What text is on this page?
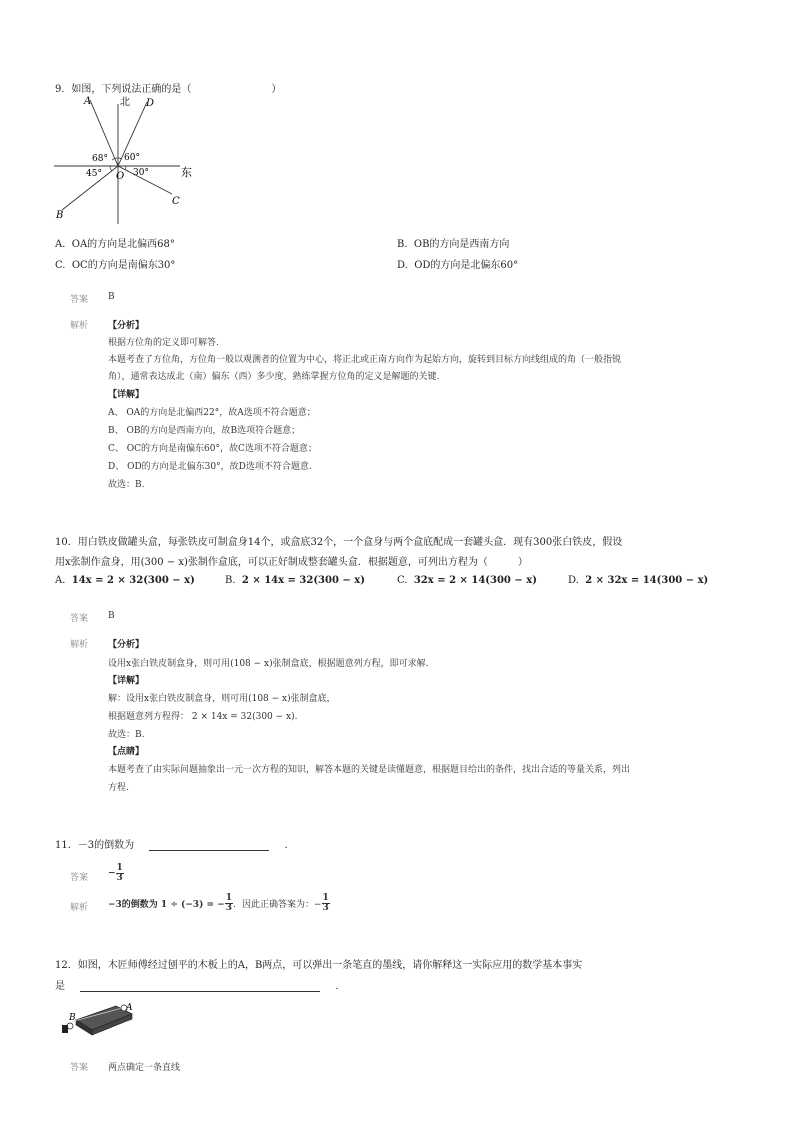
9．如图，下列说法正确的是（　　　　　　　　）
A	北 D
68° 60°
45° O 30°	东
B
C
A. OA的方向是北偏西68°	B. OB的方向是西南方向
C. OC的方向是南偏东30°	D. OD的方向是北偏东60°
答案 B
解析 【分析】
根据方位角的定义即可解答.
本题考查了方位角，方位角一般以观测者的位置为中心，将正北或正南方向作为起始方向，旋转到目标方向线组成的角（一般指锐
角），通常表达成北（南）偏东（西）多少度，熟练掌握方位角的定义是解题的关键.
【详解】
A、 OA的方向是北偏西22°，故A选项不符合题意；
B、 OB的方向是西南方向，故B选项符合题意；
C、 OC的方向是南偏东60°，故C选项不符合题意；
D、 OD的方向是北偏东30°，故D选项不符合题意.
故选：B.
10．用白铁皮做罐头盒，每张铁皮可制盒身14个，或盒底32个，一个盒身与两个盒底配成一套罐头盒．现有300张白铁皮，假设
用x张制作盒身，用(300 − x)张制作盒底，可以正好制成整套罐头盒．根据题意，可列出方程为（　　　）
A. 14x = 2 × 32(300 − x)	B. 2 × 14x = 32(300 − x)	C. 32x = 2 × 14(300 − x)	D. 2 × 32x = 14(300 − x)
答案 B
解析 【分析】
设用x张白铁皮制盒身，则可用(108 − x)张制盒底，根据题意列方程，即可求解.
【详解】
解：设用x张白铁皮制盒身，则可用(108 − x)张制盒底，
根据题意列方程得： 2 × 14x = 32(300 − x).
故选：B.
【点睛】
本题考查了由实际问题抽象出一元一次方程的知识，解答本题的关键是读懂题意，根据题目给出的条件，找出合适的等量关系，列出
方程.
11．－3的倒数为	．
答案 − $\frac{1}{3}$
解析 −3的倒数为 1 ÷ (−3) = − $\frac{1}{3}$ ．因此正确答案为：− $\frac{1}{3}$
12．如图，木匠师傅经过刨平的木板上的A，B两点，可以弹出一条笔直的墨线，请你解释这一实际应用的数学基本事实
是	．
B
A
答案 两点确定一条直线
